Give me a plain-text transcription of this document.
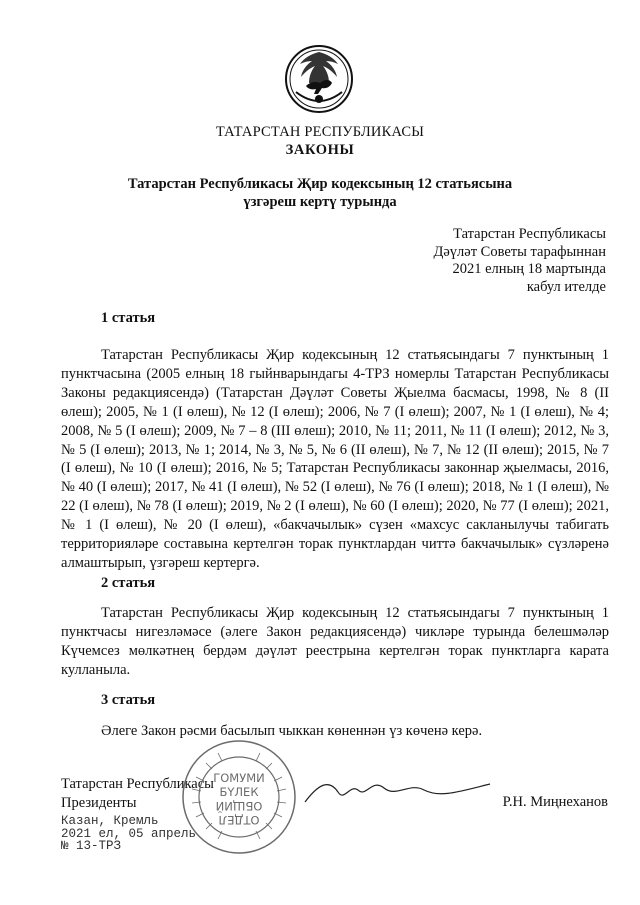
ТАТАРСТАН РЕСПУБЛИКАСЫ
ЗАКОНЫ
Татарстан Республикасы Җир кодексының 12 статьясына
үзгәреш кертү турында
Татарстан Республикасы
Дәүләт Советы тарафыннан
2021 елның 18 мартында
кабул ителде
1 статья

Татарстан Республикасы Җир кодексының 12 статьясындагы 7 пунктының 1 пунктчасына (2005 елның 18 гыйнварындагы 4-ТРЗ номерлы Татарстан Республикасы Законы редакциясендә) (Татарстан Дәүләт Советы Җыелма басмасы, 1998, № 8 (II өлеш); 2005, № 1 (I өлеш), № 12 (I өлеш); 2006, № 7 (I өлеш); 2007, № 1 (I өлеш), № 4; 2008, № 5 (I өлеш); 2009, № 7 – 8 (III өлеш); 2010, № 11; 2011, № 11 (I өлеш); 2012, № 3, № 5 (I өлеш); 2013, № 1; 2014, № 3, № 5, № 6 (II өлеш), № 7, № 12 (II өлеш); 2015, № 7 (I өлеш), № 10 (I өлеш); 2016, № 5; Татарстан Республикасы законнар җыелмасы, 2016, № 40 (I өлеш); 2017, № 41 (I өлеш), № 52 (I өлеш), № 76 (I өлеш); 2018, № 1 (I өлеш), № 22 (I өлеш), № 78 (I өлеш); 2019, № 2 (I өлеш), № 60 (I өлеш); 2020, № 77 (I өлеш); 2021, № 1 (I өлеш), № 20 (I өлеш), «бакчачылык» сүзен «махсус сакланылучы табигать территорияләре составына кертелгән торак пунктлардан читтә бакчачылык» сүзләренә алмаштырып, үзгәреш кертергә.

2 статья

Татарстан Республикасы Җир кодексының 12 статьясындагы 7 пунктының 1 пунктчасы нигезләмәсе (әлеге Закон редакциясендә) чикләре турында белешмәләр Күчемсез мөлкәтнең бердәм дәүләт реестрына кертелгән торак пунктларга карата кулланыла.

3 статья

Әлеге Закон рәсми басылып чыккан көненнән үз көченә керә.

Татарстан Республикасы
Президенты	Р.Н. Миңнеханов
Казан, Кремль
2021 ел, 05 апрель
№ 13-ТРЗ
ГОМУМИ
БҮЛЕК
ОБЩИЙ
ОТДЕЛ
